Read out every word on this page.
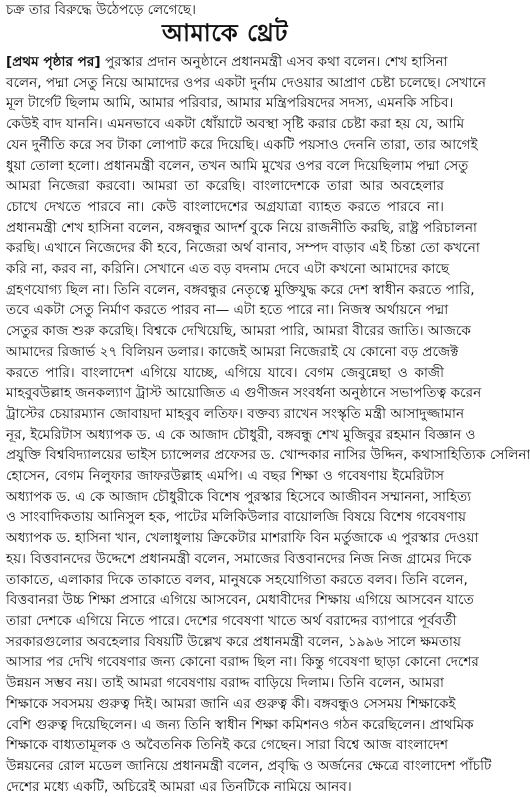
চক্র তার বিরুদ্ধে উঠেপড়ে লেগেছে।
আমাকে থ্রেট
[প্রথম পৃষ্ঠার পর] পুরস্কার প্রদান অনুষ্ঠানে প্রধানমন্ত্রী এসব কথা বলেন। শেখ হাসিনা
বলেন, পদ্মা সেতু নিয়ে আমাদের ওপর একটা দুর্নাম দেওয়ার আপ্রাণ চেষ্টা চলেছে। সেখানে
মূল টার্গেট ছিলাম আমি, আমার পরিবার, আমার মন্ত্রিপরিষদের সদস্য, এমনকি সচিব।
কেউই বাদ যাননি। এমনভাবে একটা ধোঁয়াটে অবস্থা সৃষ্টি করার চেষ্টা করা হয় যে, আমি
যেন দুর্নীতি করে সব টাকা লোপাট করে দিয়েছি। একটি পয়সাও দেননি তারা, তার আগেই
ধুয়া তোলা হলো। প্রধানমন্ত্রী বলেন, তখন আমি মুখের ওপর বলে দিয়েছিলাম পদ্মা সেতু
আমরা নিজেরা করবো। আমরা তা করেছি। বাংলাদেশকে তারা আর অবহেলার
চোখে দেখতে পারবে না। কেউ বাংলাদেশের অগ্রযাত্রা ব্যাহত করতে পারবে না।
প্রধানমন্ত্রী শেখ হাসিনা বলেন, বঙ্গবন্ধুর আদর্শ বুকে নিয়ে রাজনীতি করছি, রাষ্ট্র পরিচালনা
করছি। এখানে নিজেদের কী হবে, নিজেরা অর্থ বানাব, সম্পদ বাড়াব এই চিন্তা তো কখনো
করি না, করব না, করিনি। সেখানে এত বড় বদনাম দেবে এটা কখনো আমাদের কাছে
গ্রহণযোগ্য ছিল না। তিনি বলেন, বঙ্গবন্ধুর নেতৃত্বে মুক্তিযুদ্ধ করে দেশ স্বাধীন করতে পারি,
তবে একটা সেতু নির্মাণ করতে পারব না— এটা হতে পারে না। নিজস্ব অর্থায়নে পদ্মা
সেতুর কাজ শুরু করেছি। বিশ্বকে দেখিয়েছি, আমরা পারি, আমরা বীরের জাতি। আজকে
আমাদের রিজার্ভ ২৭ বিলিয়ন ডলার। কাজেই আমরা নিজেরাই যে কোনো বড় প্রজেক্ট
করতে পারি। বাংলাদেশ এগিয়ে যাচ্ছে, এগিয়ে যাবে। বেগম জেবুন্নেছা ও কাজী
মাহবুবউল্লাহ জনকল্যাণ ট্রাস্ট আয়োজিত এ গুণীজন সংবর্ধনা অনুষ্ঠানে সভাপতিত্ব করেন
ট্রাস্টের চেয়ারম্যান জোবায়দা মাহবুব লতিফ। বক্তব্য রাখেন সংস্কৃতি মন্ত্রী আসাদুজ্জামান
নূর, ইমেরিটাস অধ্যাপক ড. এ কে আজাদ চৌধুরী, বঙ্গবন্ধু শেখ মুজিবুর রহমান বিজ্ঞান ও
প্রযুক্তি বিশ্ববিদ্যালয়ের ভাইস চ্যান্সেলর প্রফেসর ড. খোন্দকার নাসির উদ্দিন, কথাসাহিত্যিক সেলিনা
হোসেন, বেগম নিলুফার জাফরউল্লাহ এমপি। এ বছর শিক্ষা ও গবেষণায় ইমেরিটাস
অধ্যাপক ড. এ কে আজাদ চৌধুরীকে বিশেষ পুরস্কার হিসেবে আজীবন সম্মাননা, সাহিত্য
ও সাংবাদিকতায় আনিসুল হক, পাটের মলিকিউলার বায়োলজি বিষয়ে বিশেষ গবেষণায়
অধ্যাপক ড. হাসিনা খান, খেলাধুলায় ক্রিকেটার মাশরাফি বিন মর্তুজাকে এ পুরস্কার দেওয়া
হয়। বিত্তবানদের উদ্দেশে প্রধানমন্ত্রী বলেন, সমাজের বিত্তবানদের নিজ নিজ গ্রামের দিকে
তাকাতে, এলাকার দিকে তাকাতে বলব, মানুষকে সহযোগিতা করতে বলব। তিনি বলেন,
বিত্তবানরা উচ্চ শিক্ষা প্রসারে এগিয়ে আসবেন, মেধাবীদের শিক্ষায় এগিয়ে আসবেন যাতে
তারা দেশকে এগিয়ে নিতে পারে। দেশের গবেষণা খাতে অর্থ বরাদ্দের ব্যাপারে পূর্ববর্তী
সরকারগুলোর অবহেলার বিষয়টি উল্লেখ করে প্রধানমন্ত্রী বলেন, ১৯৯৬ সালে ক্ষমতায়
আসার পর দেখি গবেষণার জন্য কোনো বরাদ্দ ছিল না। কিন্তু গবেষণা ছাড়া কোনো দেশের
উন্নয়ন সম্ভব নয়। তাই আমরা গবেষণায় বরাদ্দ বাড়িয়ে দিলাম। তিনি বলেন, আমরা
শিক্ষাকে সবসময় গুরুত্ব দিই। আমরা জানি এর গুরুত্ব কী। বঙ্গবন্ধুও সেসময় শিক্ষাকেই
বেশি গুরুত্ব দিয়েছিলেন। এ জন্য তিনি স্বাধীন শিক্ষা কমিশনও গঠন করেছিলেন। প্রাথমিক
শিক্ষাকে বাধ্যতামূলক ও অবৈতনিক তিনিই করে গেছেন। সারা বিশ্বে আজ বাংলাদেশ
উন্নয়নের রোল মডেল জানিয়ে প্রধানমন্ত্রী বলেন, প্রবৃদ্ধি ও অর্জনের ক্ষেত্রে বাংলাদেশ পাঁচটি
দেশের মধ্যে একটি, অচিরেই আমরা এর তিনটিকে নামিয়ে আনব।
